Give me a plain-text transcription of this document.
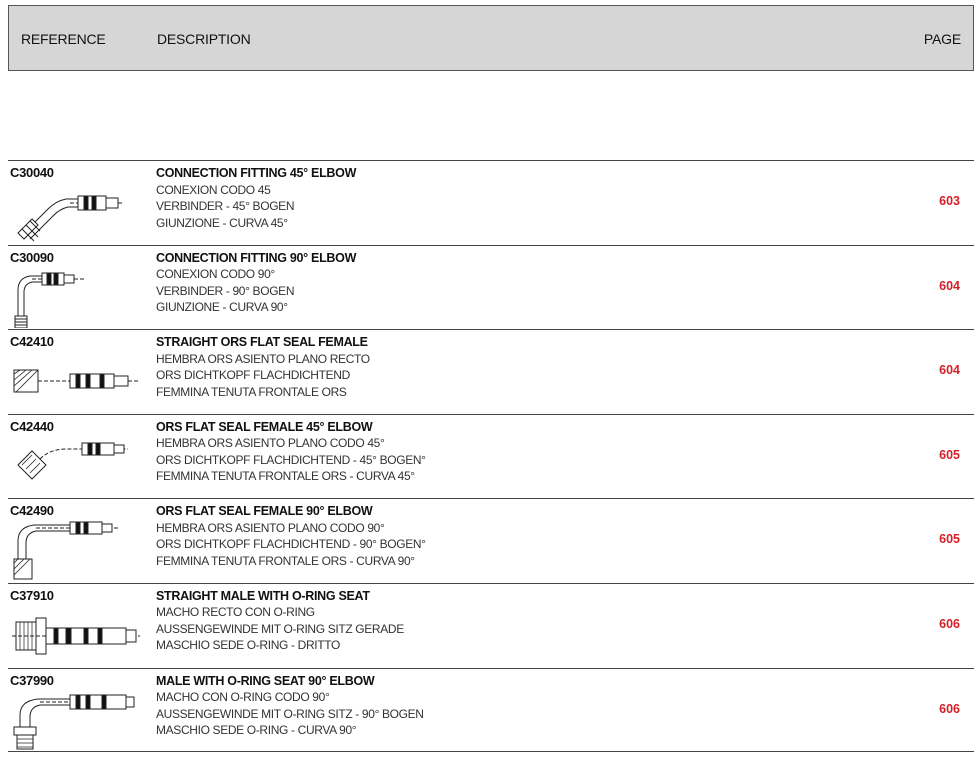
REFERENCE	DESCRIPTION	PAGE
C30040	CONNECTION FITTING 45° ELBOW
CONEXION CODO 45
VERBINDER - 45° BOGEN
GIUNZIONE - CURVA 45°
603
C30090	CONNECTION FITTING 90° ELBOW
CONEXION CODO 90°
VERBINDER - 90° BOGEN
GIUNZIONE - CURVA 90°
604
C42410	STRAIGHT ORS FLAT SEAL FEMALE
HEMBRA ORS ASIENTO PLANO RECTO
ORS DICHTKOPF FLACHDICHTEND
FEMMINA TENUTA FRONTALE ORS
604
C42440	ORS FLAT SEAL FEMALE 45° ELBOW
HEMBRA ORS ASIENTO PLANO CODO 45°
ORS DICHTKOPF FLACHDICHTEND - 45° BOGEN°
FEMMINA TENUTA FRONTALE ORS - CURVA 45°
605
C42490	ORS FLAT SEAL FEMALE 90° ELBOW
HEMBRA ORS ASIENTO PLANO CODO 90°
ORS DICHTKOPF FLACHDICHTEND - 90° BOGEN°
FEMMINA TENUTA FRONTALE ORS - CURVA 90°
605
C37910	STRAIGHT MALE WITH O-RING SEAT
MACHO RECTO CON O-RING
AUSSENGEWINDE MIT O-RING SITZ GERADE
MASCHIO SEDE O-RING - DRITTO
606
C37990	MALE WITH O-RING SEAT 90° ELBOW
MACHO CON O-RING CODO 90°
AUSSENGEWINDE MIT O-RING SITZ - 90° BOGEN
MASCHIO SEDE O-RING - CURVA 90°
606
